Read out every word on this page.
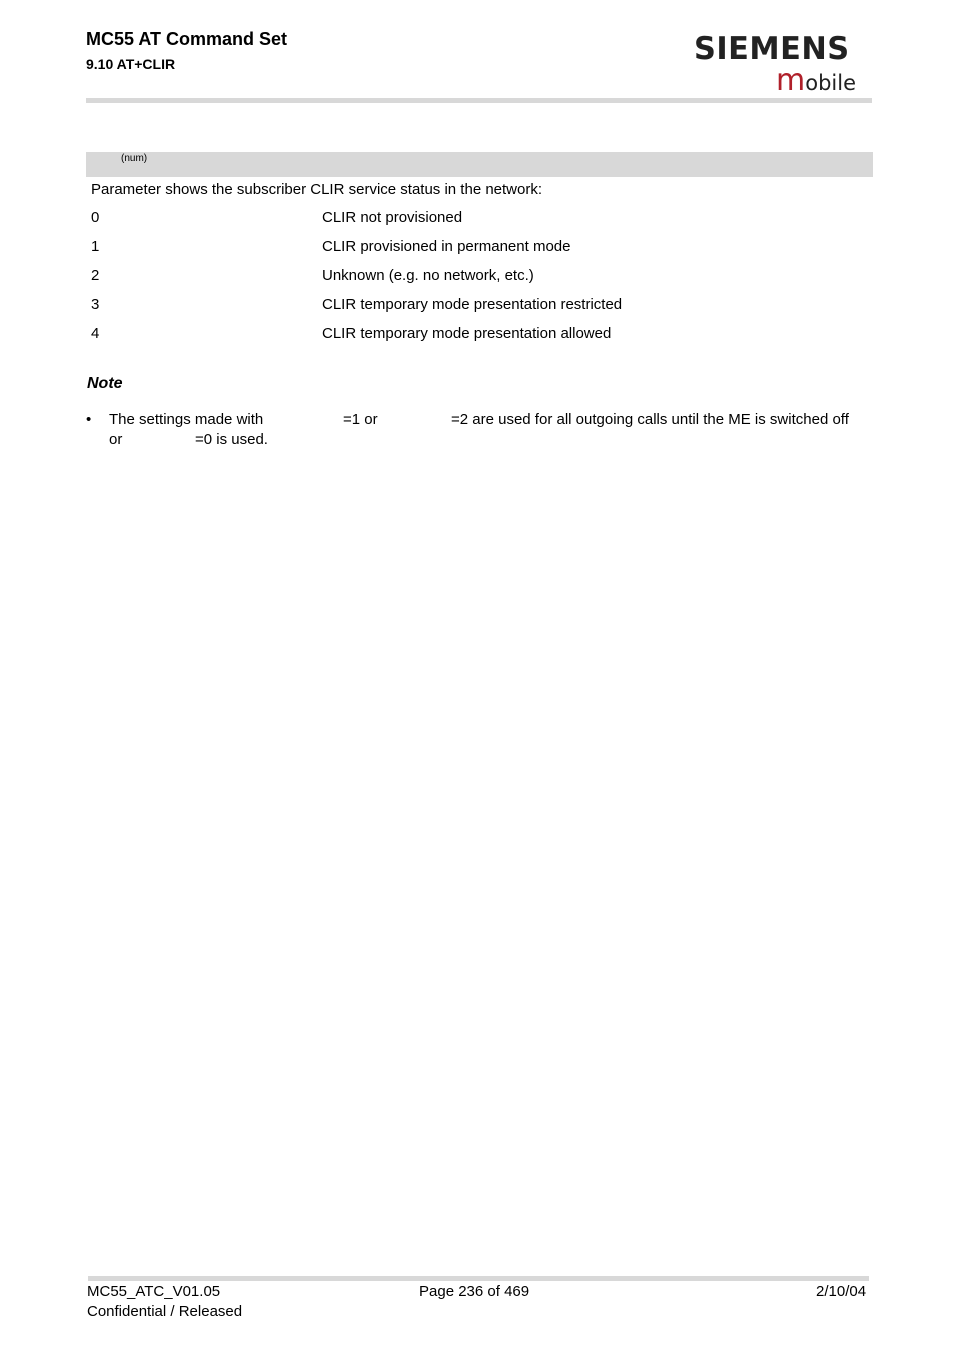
MC55 AT Command Set
9.10 AT+CLIR	SIEMENS
mobile
(num)
Parameter shows the subscriber CLIR service status in the network:
0	CLIR not provisioned
1	CLIR provisioned in permanent mode
2	Unknown (e.g. no network, etc.)
3	CLIR temporary mode presentation restricted
4	CLIR temporary mode presentation allowed
Note
• The settings made with	=1 or	=2 are used for all outgoing calls until the ME is switched off
or	=0 is used.
MC55_ATC_V01.05
Confidential / Released
Page 236 of 469	2/10/04
